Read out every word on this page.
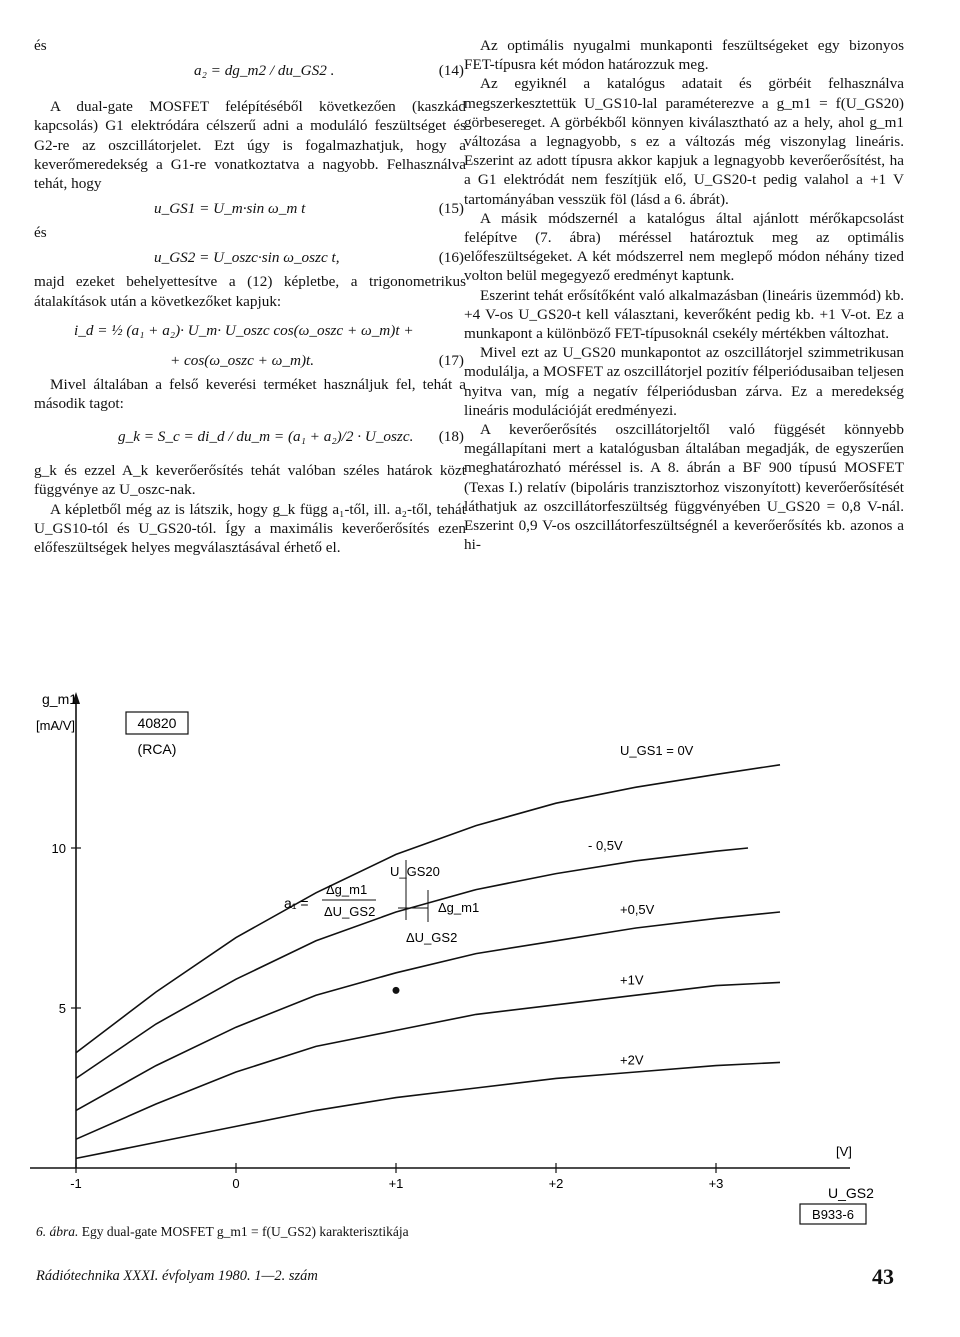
és
a₂ = dg_m2 / du_GS2 .	(14)

A dual-gate MOSFET felépítéséből következően (kaszkád kapcsolás) G1 elektródára célszerű adni a moduláló feszültséget és G2-re az oszcillátorjelet. Ezt úgy is fogalmazhatjuk, hogy a keverőmeredekség a G1-re vonatkoztatva a nagyobb. Felhasználva tehát, hogy

u_GS1 = U_m·sin ω_m t	(15)
és
u_GS2 = U_oszc·sin ω_oszc t,	(16)

majd ezeket behelyettesítve a (12) képletbe, a trigonometrikus átalakítások után a következőket kapjuk:

i_d = ½ (a₁ + a₂)· U_m· U_oszc cos(ω_oszc + ω_m)t +
+ cos(ω_oszc + ω_m)t.	(17)

Mivel általában a felső keverési terméket használjuk fel, tehát a második tagot:

g_k = S_c = di_d / du_m = (a₁ + a₂)/2 · U_oszc. (18)

g_k és ezzel A_k keverőerősítés tehát valóban széles határok közt függvénye az U_oszc-nak.

A képletből még az is látszik, hogy g_k függ a₁-től, ill. a₂-től, tehát U_GS10-tól és U_GS20-tól. Így a maximális keverőerősítés ezen előfeszültségek helyes megválasztásával érhető el.

Az optimális nyugalmi munkaponti feszültségeket egy bizonyos FET-típusra két módon határozzuk meg.

Az egyiknél a katalógus adatait és görbéit felhasználva megszerkesztettük U_GS10-lal paraméterezve a g_m1 = f(U_GS20) görbesereget. A görbékből könnyen kiválasztható az a hely, ahol g_m1 változása a legnagyobb, s ez a változás még viszonylag lineáris. Eszerint az adott típusra akkor kapjuk a legnagyobb keverőerősítést, ha a G1 elektródát nem feszítjük elő, U_GS20-t pedig valahol a +1 V tartományában vesszük föl (lásd a 6. ábrát).

A másik módszernél a katalógus által ajánlott mérőkapcsolást felépítve (7. ábra) méréssel határoztuk meg az optimális előfeszültségeket. A két módszerrel nem meglepő módon néhány tized volton belül megegyező eredményt kaptunk.

Eszerint tehát erősítőként való alkalmazásban (lineáris üzemmód) kb. +4 V-os U_GS20-t kell választani, keverőként pedig kb. +1 V-ot. Ez a munkapont a különböző FET-típusoknál csekély mértékben változhat.

Mivel ezt az U_GS20 munkapontot az oszcillátorjel szimmetrikusan modulálja, a MOSFET az oszcillátorjel pozitív félperiódusaiban teljesen nyitva van, míg a negatív félperiódusban zárva. Ez a meredekség lineáris modulációját eredményezi.

A keverőerősítés oszcillátorjeltől való függését könnyebb megállapítani mert a katalógusban általában megadják, de egyszerűen meghatározható méréssel is. A 8. ábrán a BF 900 típusú MOSFET (Texas I.) relatív (bipoláris tranzisztorhoz viszonyított) keverőerősítését láthatjuk az oszcillátorfeszültség függvényében U_GS20 = 0,8 V-nál. Eszerint 0,9 V-os oszcillátorfeszültségnél a keverőerősítés kb. azonos a hi-

-1	0	+1	+2	+3
10
5
U_GS1 = 0V
- 0,5V
+0,5V
+1V
+2V
g_m1
[mA/V]	40820
(RCA)
[V]
U_GS2
B933-6
a₁ =
Δg_m1
ΔU_GS2
U_GS20
Δg_m1
ΔU_GS2
6. ábra. Egy dual-gate MOSFET g_m1 = f(U_GS2) karakterisztikája
Rádiótechnika XXXI. évfolyam 1980. 1—2. szám	43
